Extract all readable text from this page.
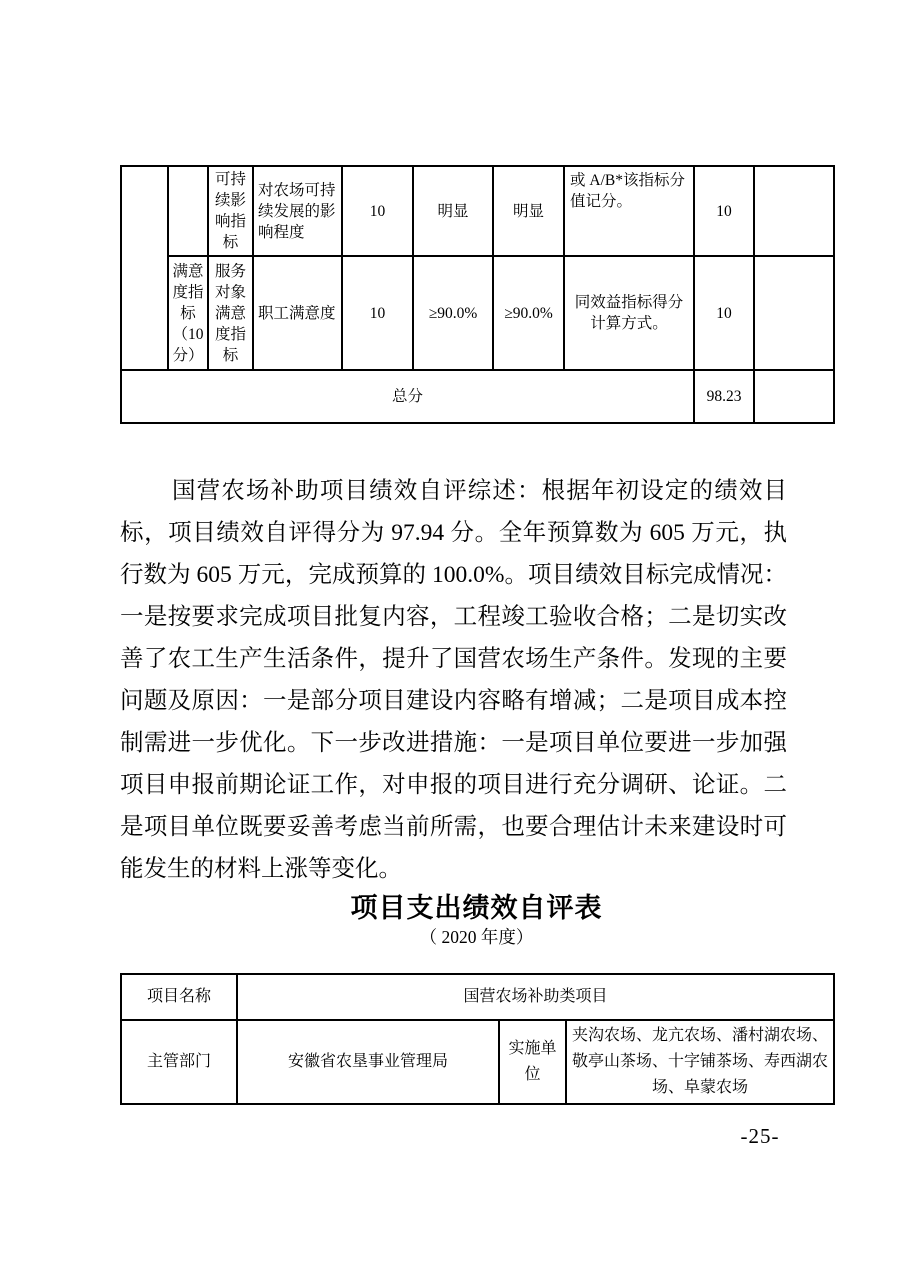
		可持续影响指标	对农场可持续发展的影响程度	10	明显	明显	或 A/B*该指标分值记分。	10	
	满意度指标（10分）	服务对象满意度指标	职工满意度	10	≥90.0%	≥90.0%	同效益指标得分计算方式。	10	
总分								98.23	
国营农场补助项目绩效自评综述：根据年初设定的绩效目
标，项目绩效自评得分为 97.94 分。全年预算数为 605 万元，执
行数为 605 万元，完成预算的 100.0%。项目绩效目标完成情况：
一是按要求完成项目批复内容，工程竣工验收合格；二是切实改
善了农工生产生活条件，提升了国营农场生产条件。发现的主要
问题及原因：一是部分项目建设内容略有增减；二是项目成本控
制需进一步优化。下一步改进措施：一是项目单位要进一步加强
项目申报前期论证工作，对申报的项目进行充分调研、论证。二
是项目单位既要妥善考虑当前所需，也要合理估计未来建设时可
能发生的材料上涨等变化。
项目支出绩效自评表
（ 2020 年度）
项目名称	国营农场补助类项目		
主管部门	安徽省农垦事业管理局	实施单位	夹沟农场、龙亢农场、潘村湖农场、敬亭山茶场、十字铺茶场、寿西湖农场、阜蒙农场
-25-
